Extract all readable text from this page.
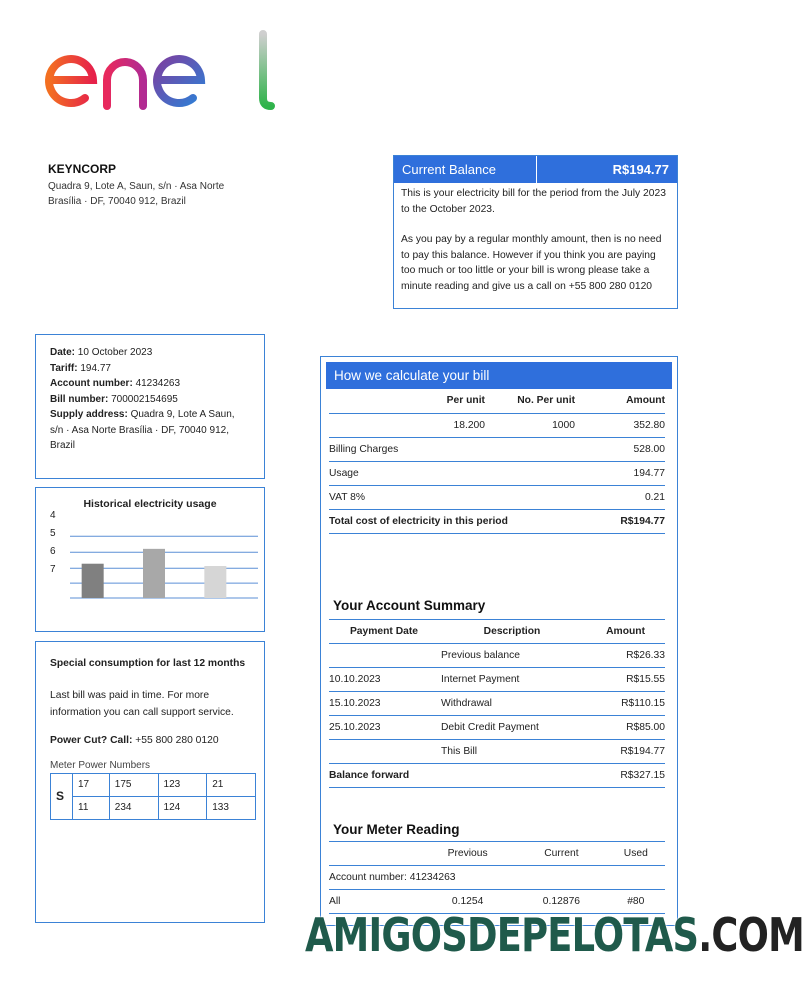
KEYNCORP
Quadra 9, Lote A, Saun, s/n · Asa Norte
Brasília · DF, 70040 912, Brazil
Current Balance	R$194.77

This is your electricity bill for the period from the July 2023 to the October 2023.

As you pay by a regular monthly amount, then is no need to pay this balance. However if you think you are paying too much or too little or your bill is wrong please take a minute reading and give us a call on +55 800 280 0120

Date: 10 October 2023
Tariff: 194.77
Account number: 41234263
Bill number: 700002154695
Supply address: Quadra 9, Lote A Saun, s/n · Asa Norte Brasília · DF, 70040 912, Brazil
Historical electricity usage
4
5
6
7
Special consumption for last 12 months
Last bill was paid in time. For more information you can call support service.
Power Cut? Call: +55 800 280 0120
Meter Power Numbers
S	17	175	123	21
	11	234	124	133
How we calculate your bill
	Per unit	No. Per unit	Amount
	18.200	1000	352.80
Billing Charges			528.00
Usage			194.77
VAT 8%			0.21
Total cost of electricity in this period			R$194.77
Your Account Summary
Payment Date	Description	Amount
	Previous balance	R$26.33
10.10.2023	Internet Payment	R$15.55
15.10.2023	Withdrawal	R$110.15
25.10.2023	Debit Credit Payment	R$85.00
	This Bill	R$194.77
Balance forward		R$327.15
Your Meter Reading
	Previous	Current	Used
Account number: 41234263			
All	0.1254	0.12876	#80
AMIGOSDEPELOTAS.COM
